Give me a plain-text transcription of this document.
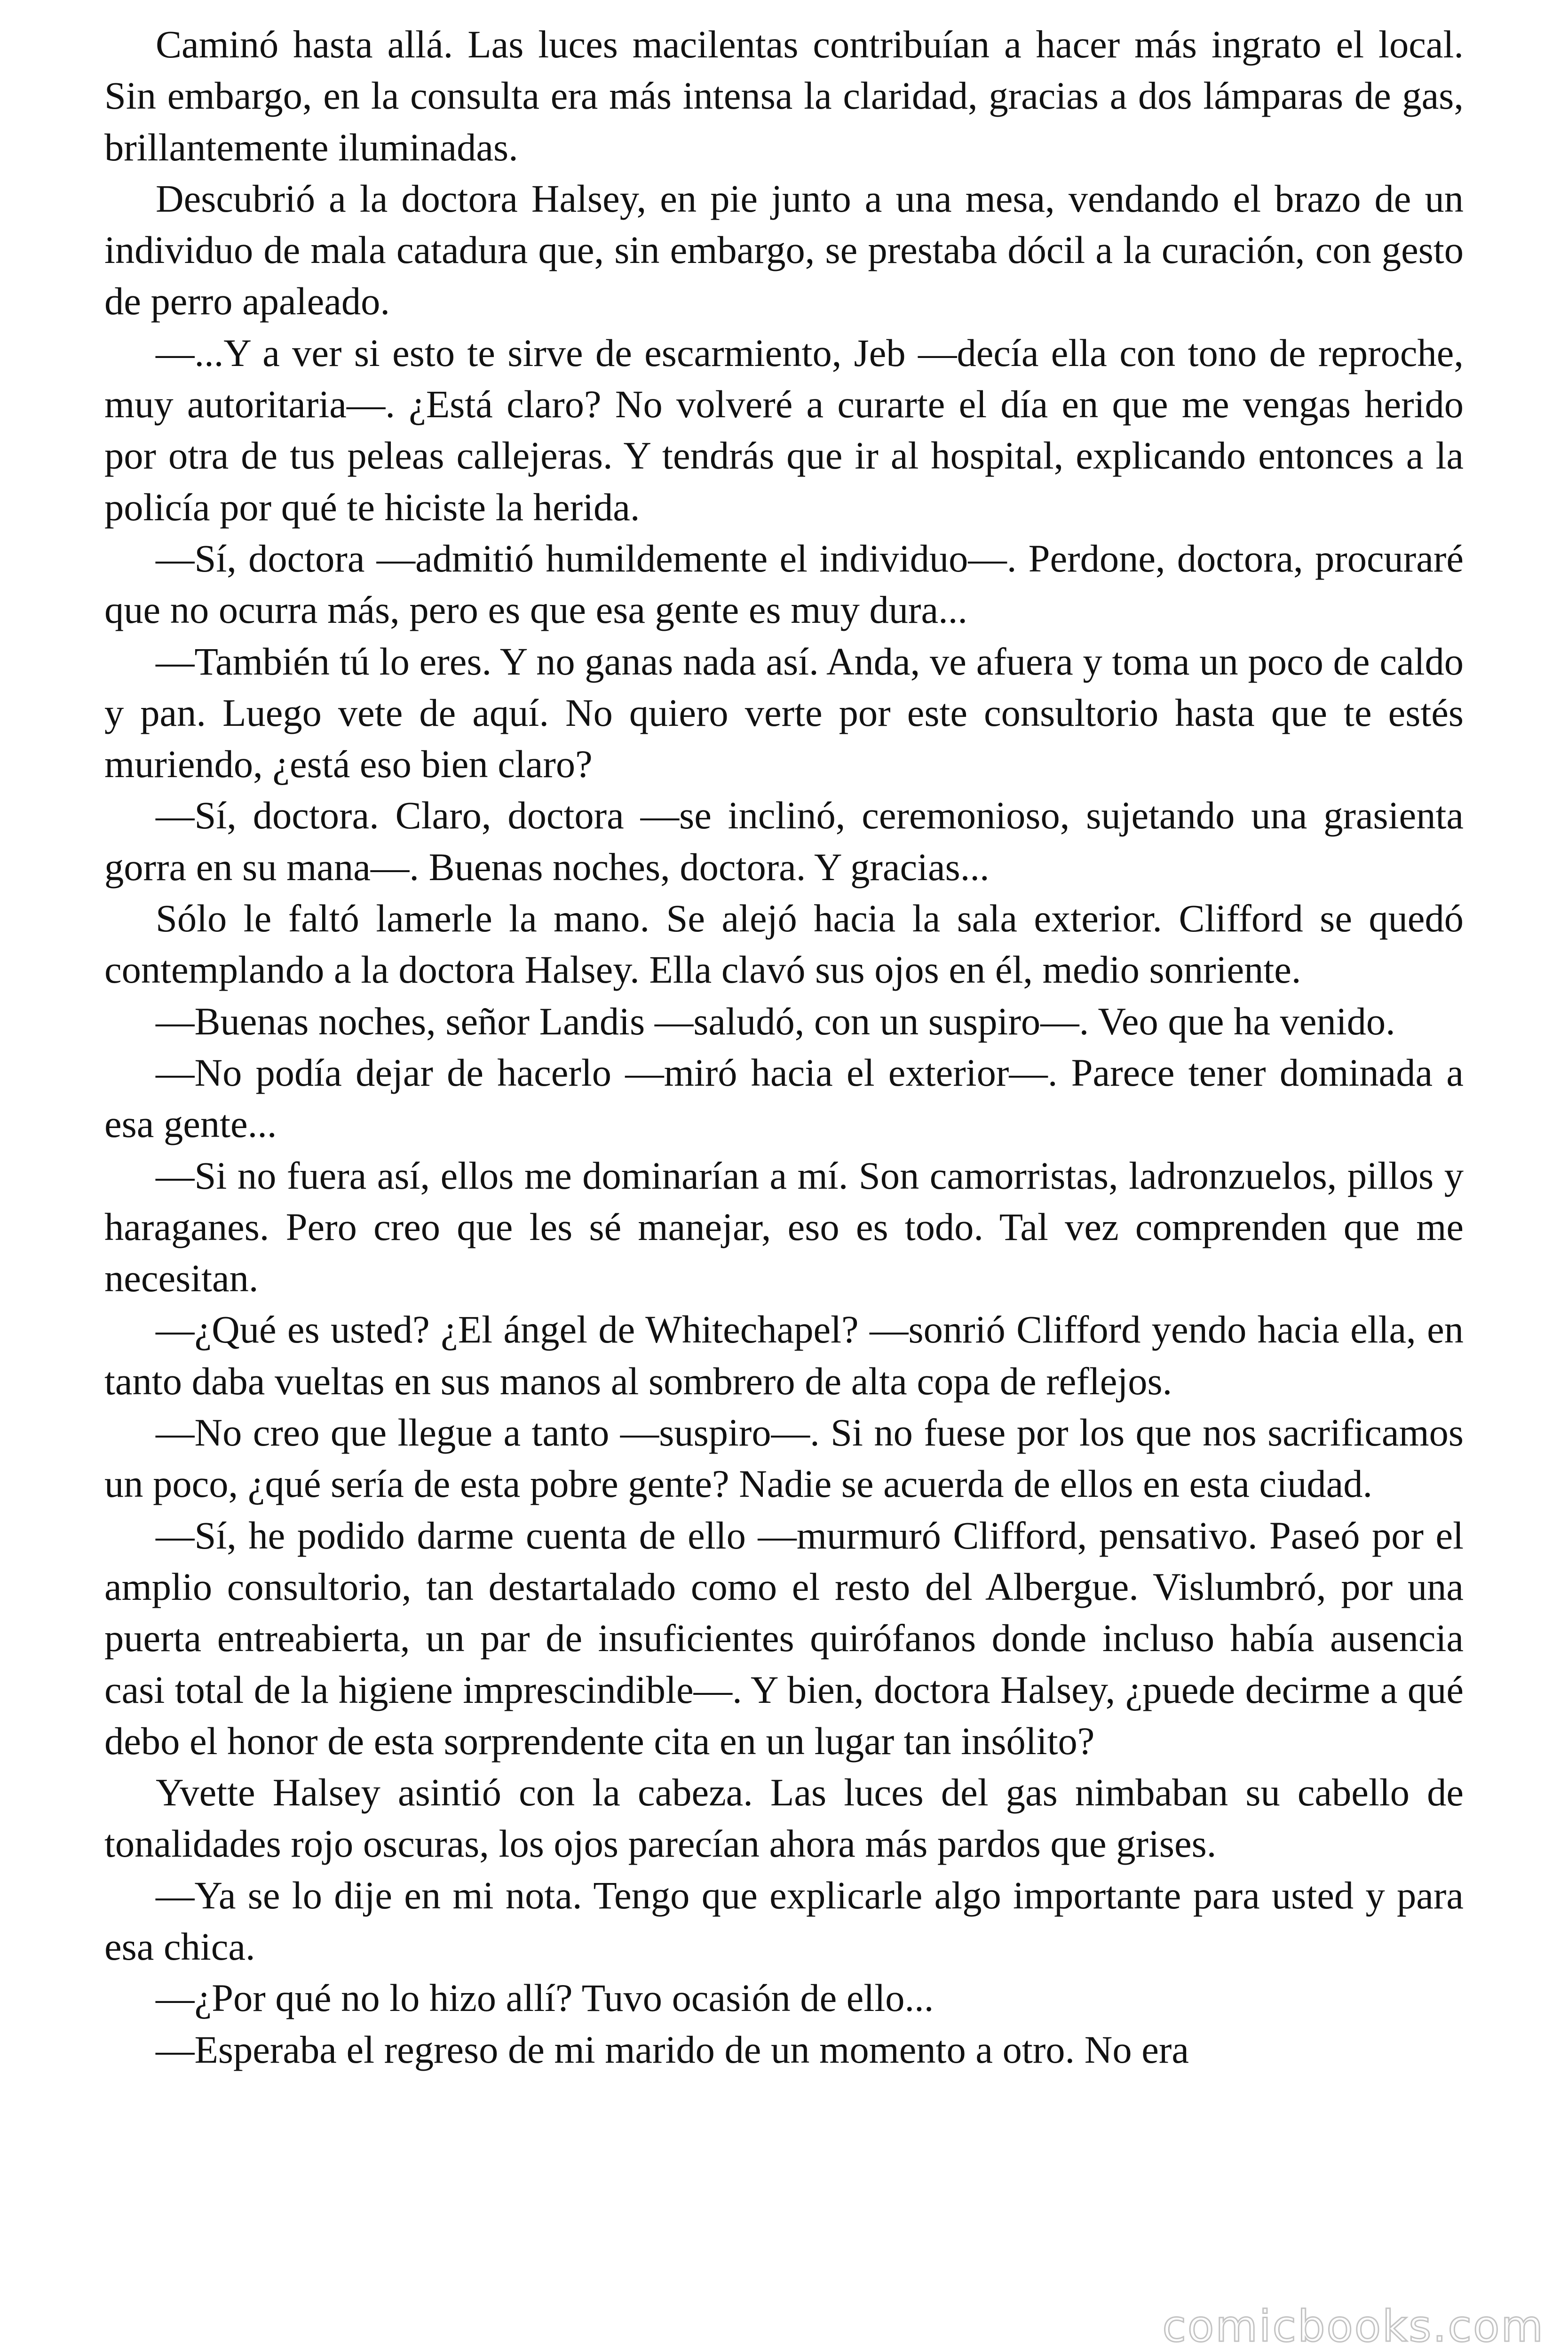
Caminó hasta allá. Las luces macilentas contribuían a hacer más ingrato el local. Sin embargo, en la consulta era más intensa la claridad, gracias a dos lámparas de gas, brillantemente iluminadas.

Descubrió a la doctora Halsey, en pie junto a una mesa, vendando el brazo de un individuo de mala catadura que, sin embargo, se prestaba dócil a la curación, con gesto de perro apaleado.

—...Y a ver si esto te sirve de escarmiento, Jeb —decía ella con tono de reproche, muy autoritaria—. ¿Está claro? No volveré a curarte el día en que me vengas herido por otra de tus peleas callejeras. Y tendrás que ir al hospital, explicando entonces a la policía por qué te hiciste la herida.

—Sí, doctora —admitió humildemente el individuo—. Perdone, doctora, procuraré que no ocurra más, pero es que esa gente es muy dura...

—También tú lo eres. Y no ganas nada así. Anda, ve afuera y toma un poco de caldo y pan. Luego vete de aquí. No quiero verte por este consultorio hasta que te estés muriendo, ¿está eso bien claro?

—Sí, doctora. Claro, doctora —se inclinó, ceremonioso, sujetando una grasienta gorra en su mana—. Buenas noches, doctora. Y gracias...

Sólo le faltó lamerle la mano. Se alejó hacia la sala exterior. Clifford se quedó contemplando a la doctora Halsey. Ella clavó sus ojos en él, medio sonriente.

—Buenas noches, señor Landis —saludó, con un suspiro—. Veo que ha venido.

—No podía dejar de hacerlo —miró hacia el exterior—. Parece tener dominada a esa gente...

—Si no fuera así, ellos me dominarían a mí. Son camorristas, ladronzuelos, pillos y haraganes. Pero creo que les sé manejar, eso es todo. Tal vez comprenden que me necesitan.

—¿Qué es usted? ¿El ángel de Whitechapel? —sonrió Clifford yendo hacia ella, en tanto daba vueltas en sus manos al sombrero de alta copa de reflejos.

—No creo que llegue a tanto —suspiro—. Si no fuese por los que nos sacrificamos un poco, ¿qué sería de esta pobre gente? Nadie se acuerda de ellos en esta ciudad.

—Sí, he podido darme cuenta de ello —murmuró Clifford, pensativo. Paseó por el amplio consultorio, tan destartalado como el resto del Albergue. Vislumbró, por una puerta entreabierta, un par de insuficientes quirófanos donde incluso había ausencia casi total de la higiene imprescindible—. Y bien, doctora Halsey, ¿puede decirme a qué debo el honor de esta sorprendente cita en un lugar tan insólito?

Yvette Halsey asintió con la cabeza. Las luces del gas nimbaban su cabello de tonalidades rojo oscuras, los ojos parecían ahora más pardos que grises.

—Ya se lo dije en mi nota. Tengo que explicarle algo importante para usted y para esa chica.

—¿Por qué no lo hizo allí? Tuvo ocasión de ello...

—Esperaba el regreso de mi marido de un momento a otro. No era

comicbooks.com
